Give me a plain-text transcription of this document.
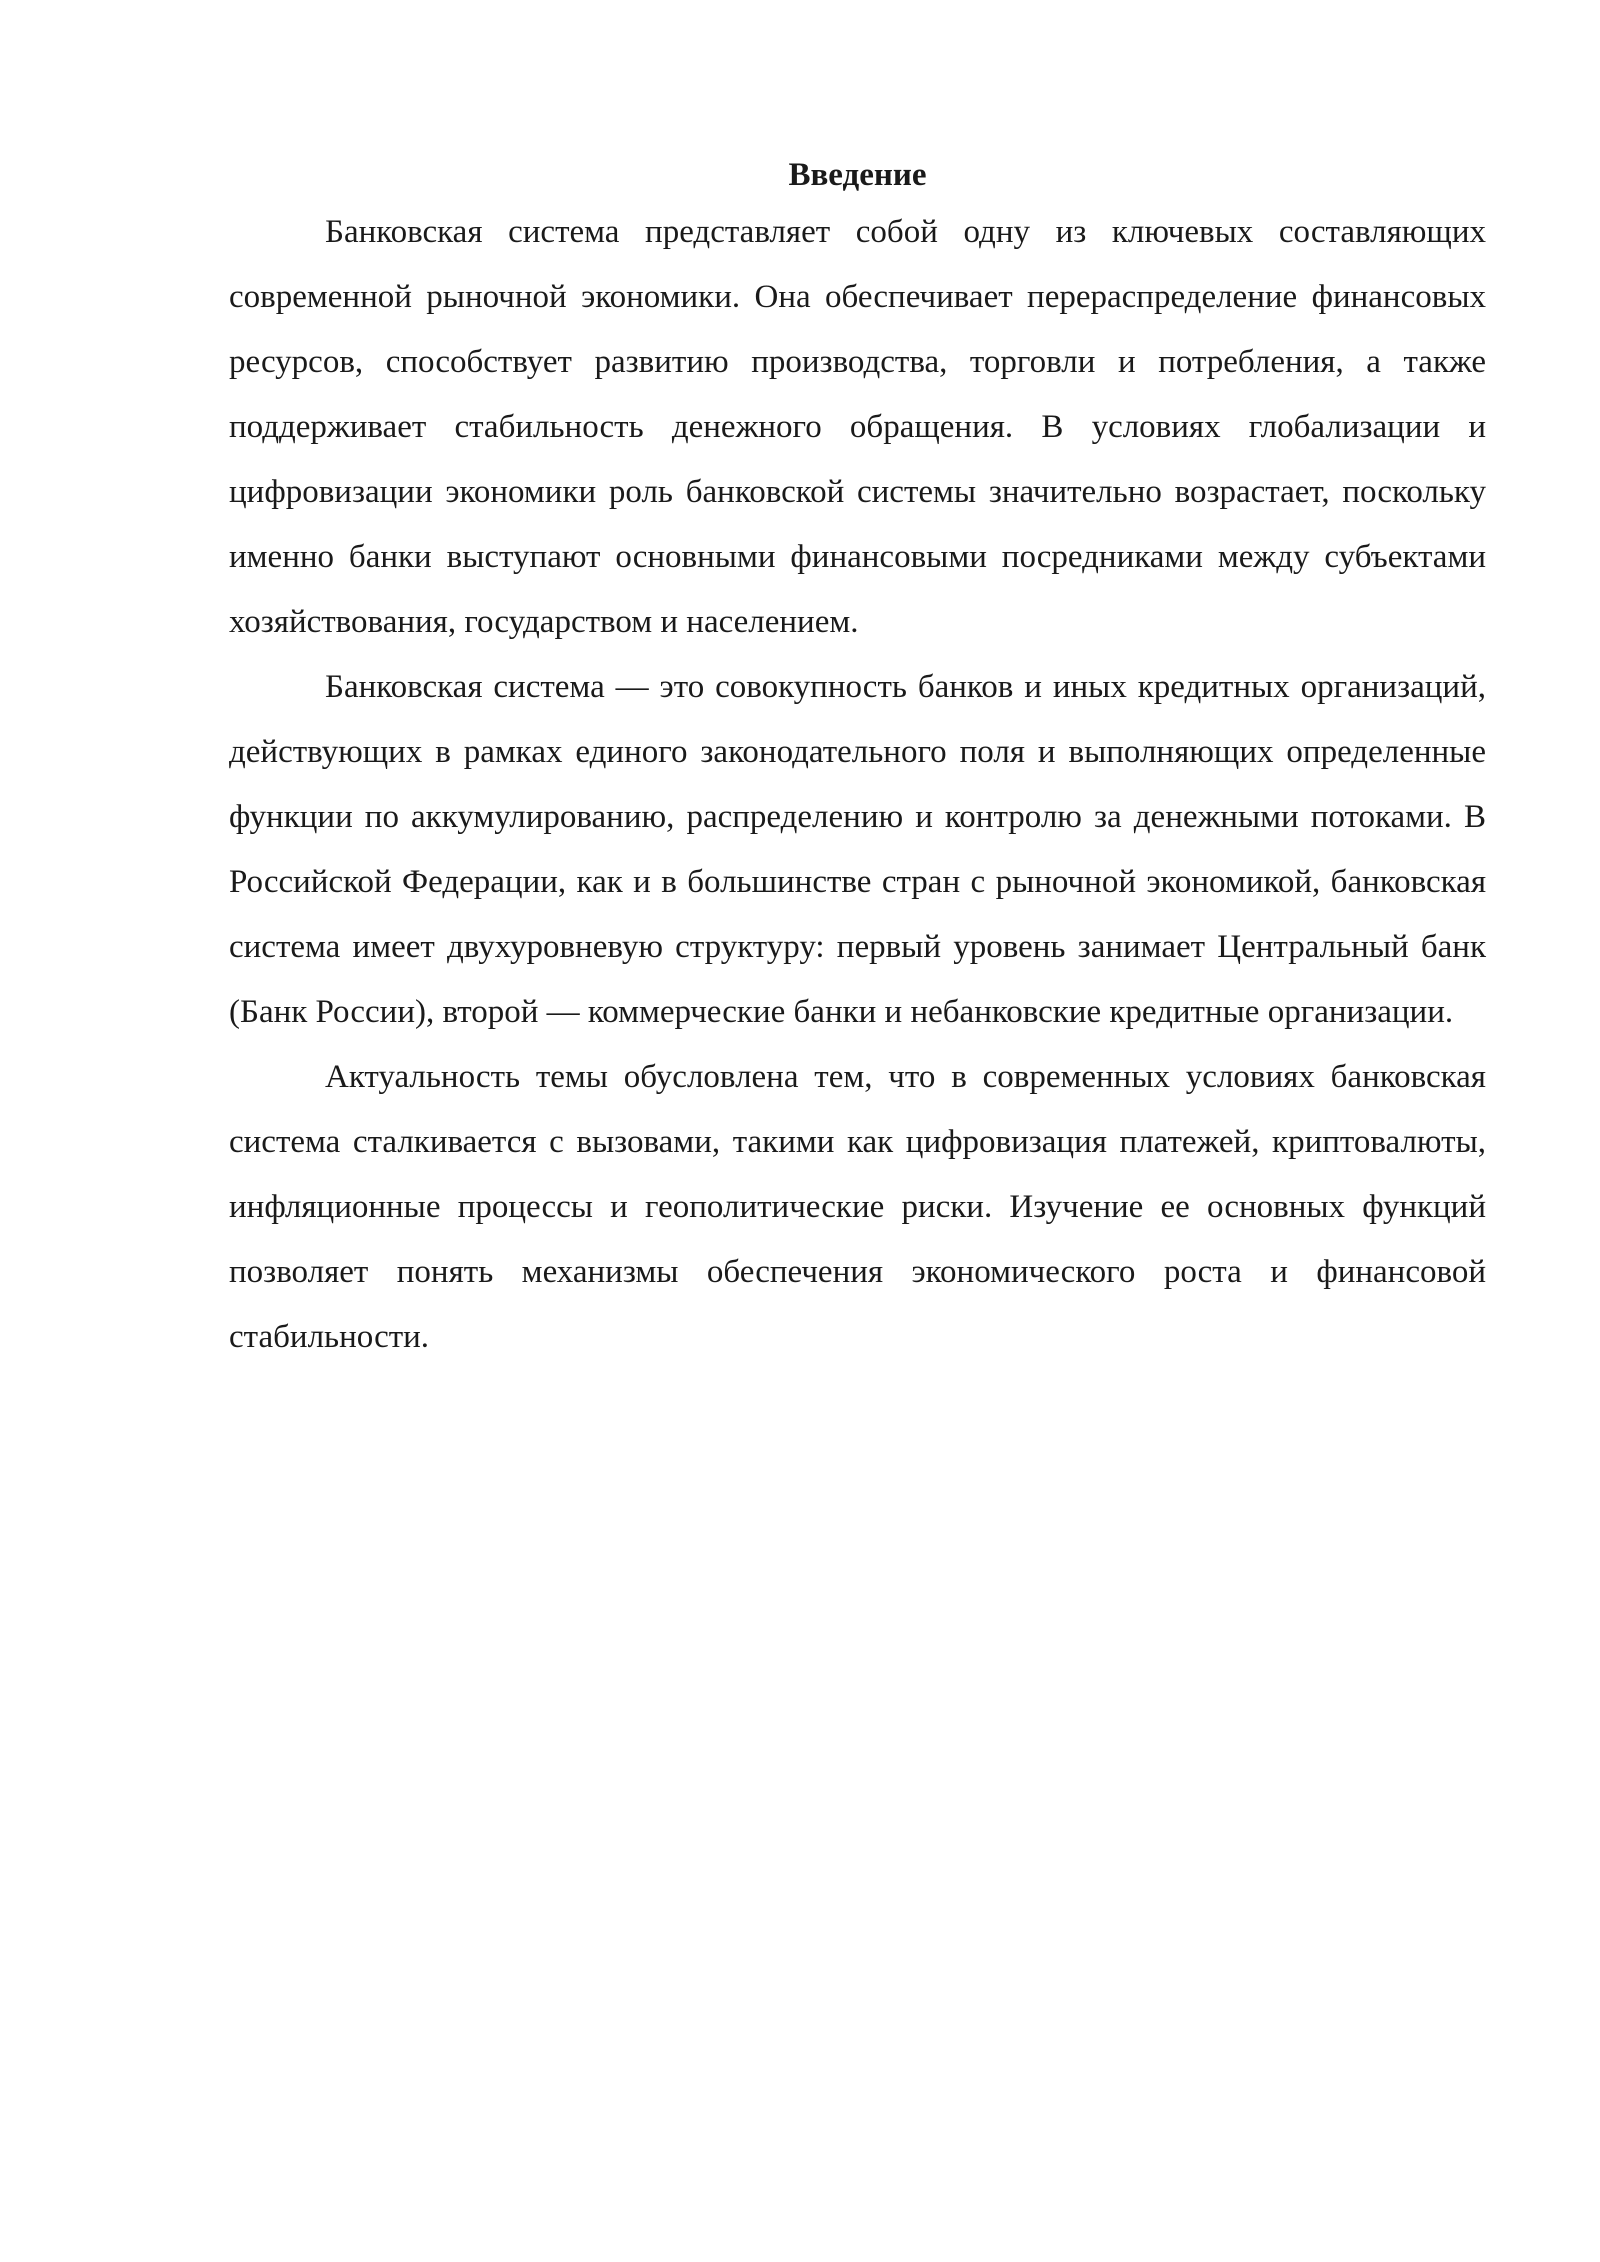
Введение

Банковская система представляет собой одну из ключевых составляющих современной рыночной экономики. Она обеспечивает перераспределение финансовых ресурсов, способствует развитию производства, торговли и потребления, а также поддерживает стабильность денежного обращения. В условиях глобализации и цифровизации экономики роль банковской системы значительно возрастает, поскольку именно банки выступают основными финансовыми посредниками между субъектами хозяйствования, государством и населением.

Банковская система — это совокупность банков и иных кредитных организаций, действующих в рамках единого законодательного поля и выполняющих определенные функции по аккумулированию, распределению и контролю за денежными потоками. В Российской Федерации, как и в большинстве стран с рыночной экономикой, банковская система имеет двухуровневую структуру: первый уровень занимает Центральный банк (Банк России), второй — коммерческие банки и небанковские кредитные организации.

Актуальность темы обусловлена тем, что в современных условиях банковская система сталкивается с вызовами, такими как цифровизация платежей, криптовалюты, инфляционные процессы и геополитические риски. Изучение ее основных функций позволяет понять механизмы обеспечения экономического роста и финансовой стабильности.
